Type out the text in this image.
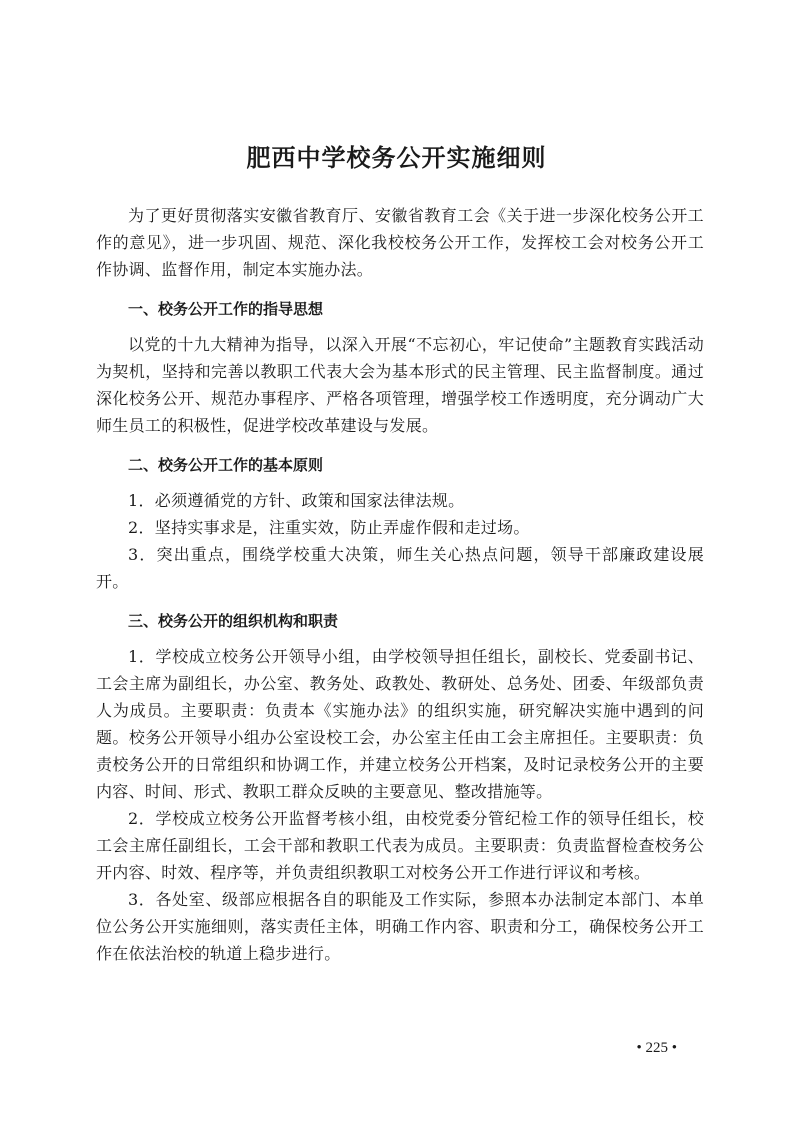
肥西中学校务公开实施细则

为了更好贯彻落实安徽省教育厅、安徽省教育工会《关于进一步深化校务公开工作的意见》，进一步巩固、规范、深化我校校务公开工作，发挥校工会对校务公开工作协调、监督作用，制定本实施办法。

一、校务公开工作的指导思想

以党的十九大精神为指导，以深入开展“不忘初心，牢记使命”主题教育实践活动为契机，坚持和完善以教职工代表大会为基本形式的民主管理、民主监督制度。通过深化校务公开、规范办事程序、严格各项管理，增强学校工作透明度，充分调动广大师生员工的积极性，促进学校改革建设与发展。

二、校务公开工作的基本原则

1．必须遵循党的方针、政策和国家法律法规。

2．坚持实事求是，注重实效，防止弄虚作假和走过场。

3．突出重点，围绕学校重大决策，师生关心热点问题，领导干部廉政建设展开。

三、校务公开的组织机构和职责

1．学校成立校务公开领导小组，由学校领导担任组长，副校长、党委副书记、工会主席为副组长，办公室、教务处、政教处、教研处、总务处、团委、年级部负责人为成员。主要职责：负责本《实施办法》的组织实施，研究解决实施中遇到的问题。校务公开领导小组办公室设校工会，办公室主任由工会主席担任。主要职责：负责校务公开的日常组织和协调工作，并建立校务公开档案，及时记录校务公开的主要内容、时间、形式、教职工群众反映的主要意见、整改措施等。

2．学校成立校务公开监督考核小组，由校党委分管纪检工作的领导任组长，校工会主席任副组长，工会干部和教职工代表为成员。主要职责：负责监督检查校务公开内容、时效、程序等，并负责组织教职工对校务公开工作进行评议和考核。

3．各处室、级部应根据各自的职能及工作实际，参照本办法制定本部门、本单位公务公开实施细则，落实责任主体，明确工作内容、职责和分工，确保校务公开工作在依法治校的轨道上稳步进行。

• 225 •
